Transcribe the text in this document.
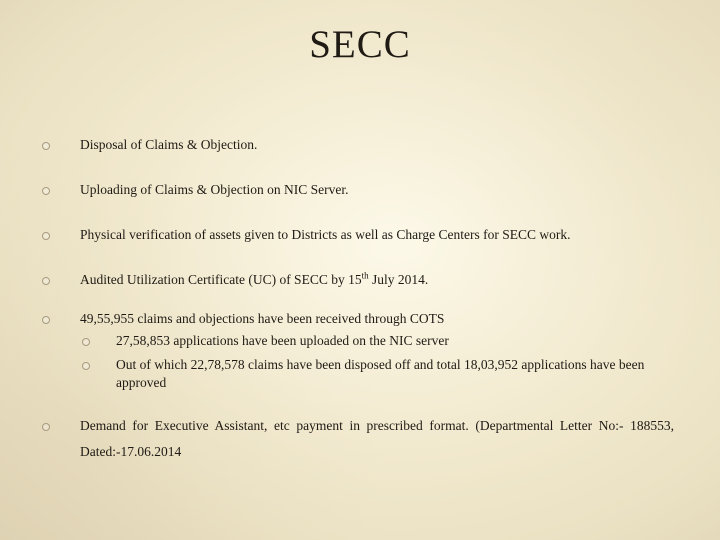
SECC
Disposal of Claims & Objection.
Uploading of Claims & Objection on NIC Server.
Physical verification of assets given to Districts as well as Charge Centers for SECC work.
Audited Utilization Certificate (UC) of SECC by 15th July 2014.
49,55,955 claims and objections have been received through COTS
27,58,853 applications have been uploaded on the NIC server
Out of which 22,78,578 claims have been disposed off and total 18,03,952 applications have been approved
Demand for Executive Assistant, etc payment in prescribed format. (Departmental Letter No:- 188553, Dated:-17.06.2014
